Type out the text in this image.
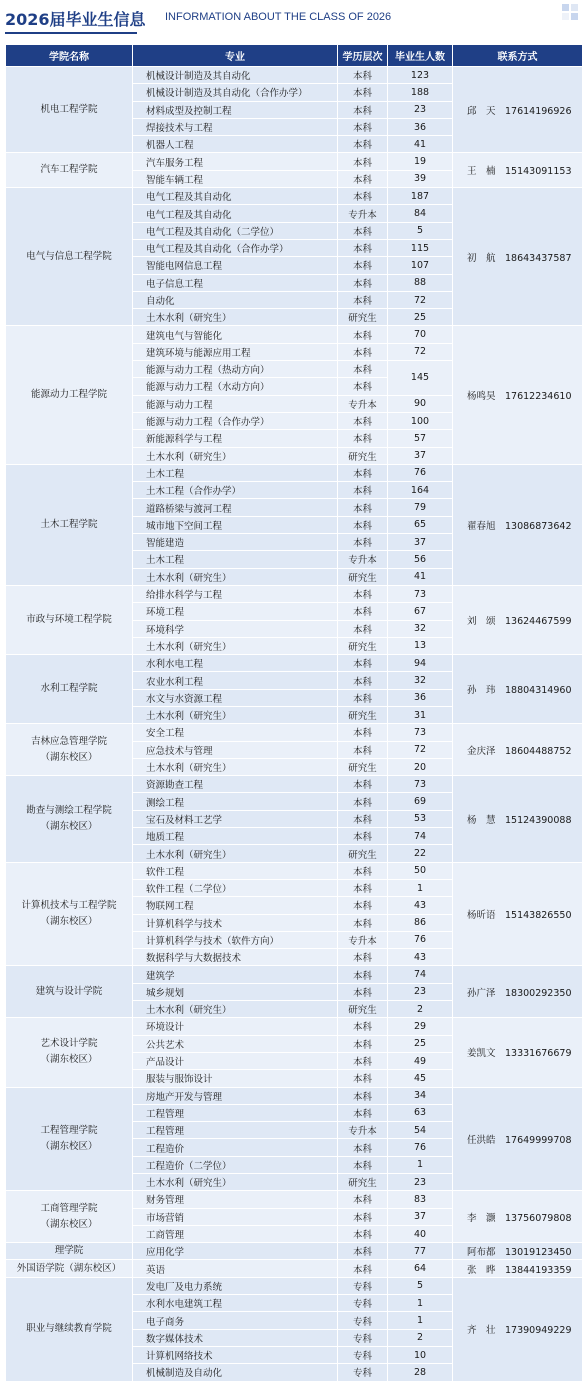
2026届毕业生信息 INFORMATION ABOUT THE CLASS OF 2026
学院名称	专业	学历层次	毕业生人数	联系方式

机电工程学院	机械设计制造及其自动化	本科	123	邱　天 17614196926
	机械设计制造及其自动化（合作办学）	本科	188	
	材料成型及控制工程	本科	23	
	焊接技术与工程	本科	36	
	机器人工程	本科	41	

汽车工程学院	汽车服务工程	本科	19	王　楠 15143091153
	智能车辆工程	本科	39	

电气与信息工程学院	电气工程及其自动化	本科	187	初　航 18643437587
	电气工程及其自动化	专升本	84	
	电气工程及其自动化（二学位）	本科	5	
	电气工程及其自动化（合作办学）	本科	115	
	智能电网信息工程	本科	107	
	电子信息工程	本科	88	
	自动化	本科	72	
	土木水利（研究生）	研究生	25	

能源动力工程学院	建筑电气与智能化	本科	70	杨鸣昊 17612234610
	建筑环境与能源应用工程	本科	72	
	能源与动力工程（热动方向）	本科	145	
	能源与动力工程（水动方向）	本科		
	能源与动力工程	专升本	90	
	能源与动力工程（合作办学）	本科	100	
	新能源科学与工程	本科	57	
	土木水利（研究生）	研究生	37	

土木工程学院	土木工程	本科	76	翟春旭 13086873642
	土木工程（合作办学）	本科	164	
	道路桥梁与渡河工程	本科	79	
	城市地下空间工程	本科	65	
	智能建造	本科	37	
	土木工程	专升本	56	
	土木水利（研究生）	研究生	41	

市政与环境工程学院	给排水科学与工程	本科	73	刘　颂 13624467599
	环境工程	本科	67	
	环境科学	本科	32	
	土木水利（研究生）	研究生	13	

水利工程学院	水利水电工程	本科	94	孙　玮 18804314960
	农业水利工程	本科	32	
	水文与水资源工程	本科	36	
	土木水利（研究生）	研究生	31	

吉林应急管理学院
（湖东校区）	安全工程	本科	73	金庆泽 18604488752
	应急技术与管理	本科	72	
	土木水利（研究生）	研究生	20	

勘查与测绘工程学院
（湖东校区）	资源勘查工程	本科	73	杨　慧 15124390088
	测绘工程	本科	69	
	宝石及材料工艺学	本科	53	
	地质工程	本科	74	
	土木水利（研究生）	研究生	22	

计算机技术与工程学院
（湖东校区）	软件工程	本科	50	杨昕语 15143826550
	软件工程（二学位）	本科	1	
	物联网工程	本科	43	
	计算机科学与技术	本科	86	
	计算机科学与技术（软件方向）	专升本	76	
	数据科学与大数据技术	本科	43	

建筑与设计学院	建筑学	本科	74	孙广泽 18300292350
	城乡规划	本科	23	
	土木水利（研究生）	研究生	2	

艺术设计学院
（湖东校区）	环境设计	本科	29	姜凯文 13331676679
	公共艺术	本科	25	
	产品设计	本科	49	
	服装与服饰设计	本科	45	

工程管理学院
（湖东校区）	房地产开发与管理	本科	34	任洪皓 17649999708
	工程管理	本科	63	
	工程管理	专升本	54	
	工程造价	本科	76	
	工程造价（二学位）	本科	1	
	土木水利（研究生）	研究生	23	

工商管理学院
（湖东校区）	财务管理	本科	83	李　灏 13756079808
	市场营销	本科	37	
	工商管理	本科	40	

理学院	应用化学	本科	77	阿布都 13019123450

外国语学院（湖东校区）	英语	本科	64	张　晔 13844193359

职业与继续教育学院	发电厂及电力系统	专科	5	齐　壮 17390949229
	水利水电建筑工程	专科	1	
	电子商务	专科	1	
	数字媒体技术	专科	2	
	计算机网络技术	专科	10	
	机械制造及自动化	专科	28	
